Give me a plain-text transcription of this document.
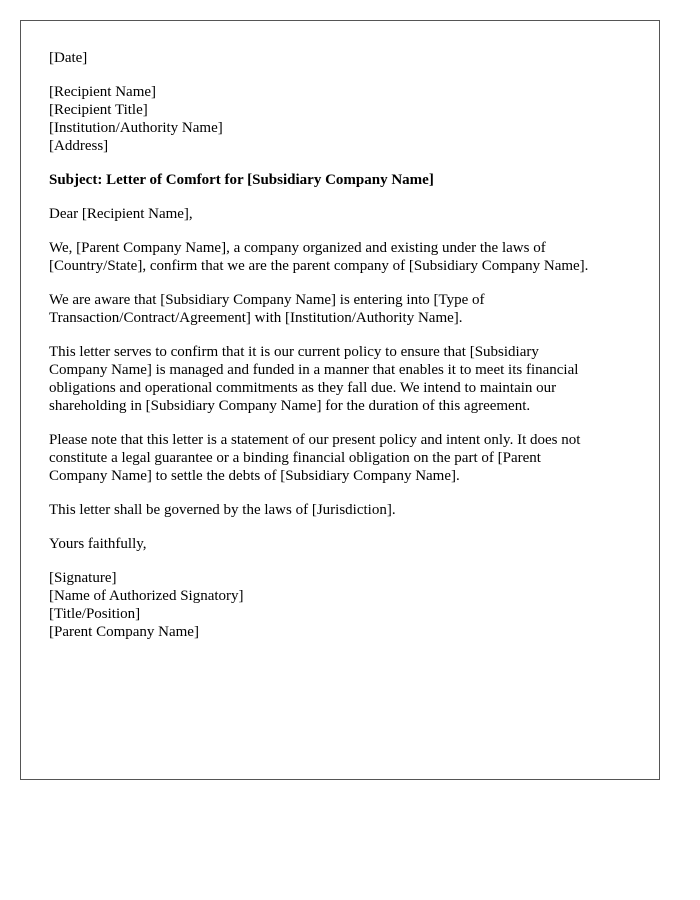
[Date]
[Recipient Name]
[Recipient Title]
[Institution/Authority Name]
[Address]
Subject: Letter of Comfort for [Subsidiary Company Name]
Dear [Recipient Name],
We, [Parent Company Name], a company organized and existing under the laws of
[Country/State], confirm that we are the parent company of [Subsidiary Company Name].
We are aware that [Subsidiary Company Name] is entering into [Type of
Transaction/Contract/Agreement] with [Institution/Authority Name].
This letter serves to confirm that it is our current policy to ensure that [Subsidiary
Company Name] is managed and funded in a manner that enables it to meet its financial
obligations and operational commitments as they fall due. We intend to maintain our
shareholding in [Subsidiary Company Name] for the duration of this agreement.
Please note that this letter is a statement of our present policy and intent only. It does not
constitute a legal guarantee or a binding financial obligation on the part of [Parent
Company Name] to settle the debts of [Subsidiary Company Name].
This letter shall be governed by the laws of [Jurisdiction].
Yours faithfully,
[Signature]
[Name of Authorized Signatory]
[Title/Position]
[Parent Company Name]
